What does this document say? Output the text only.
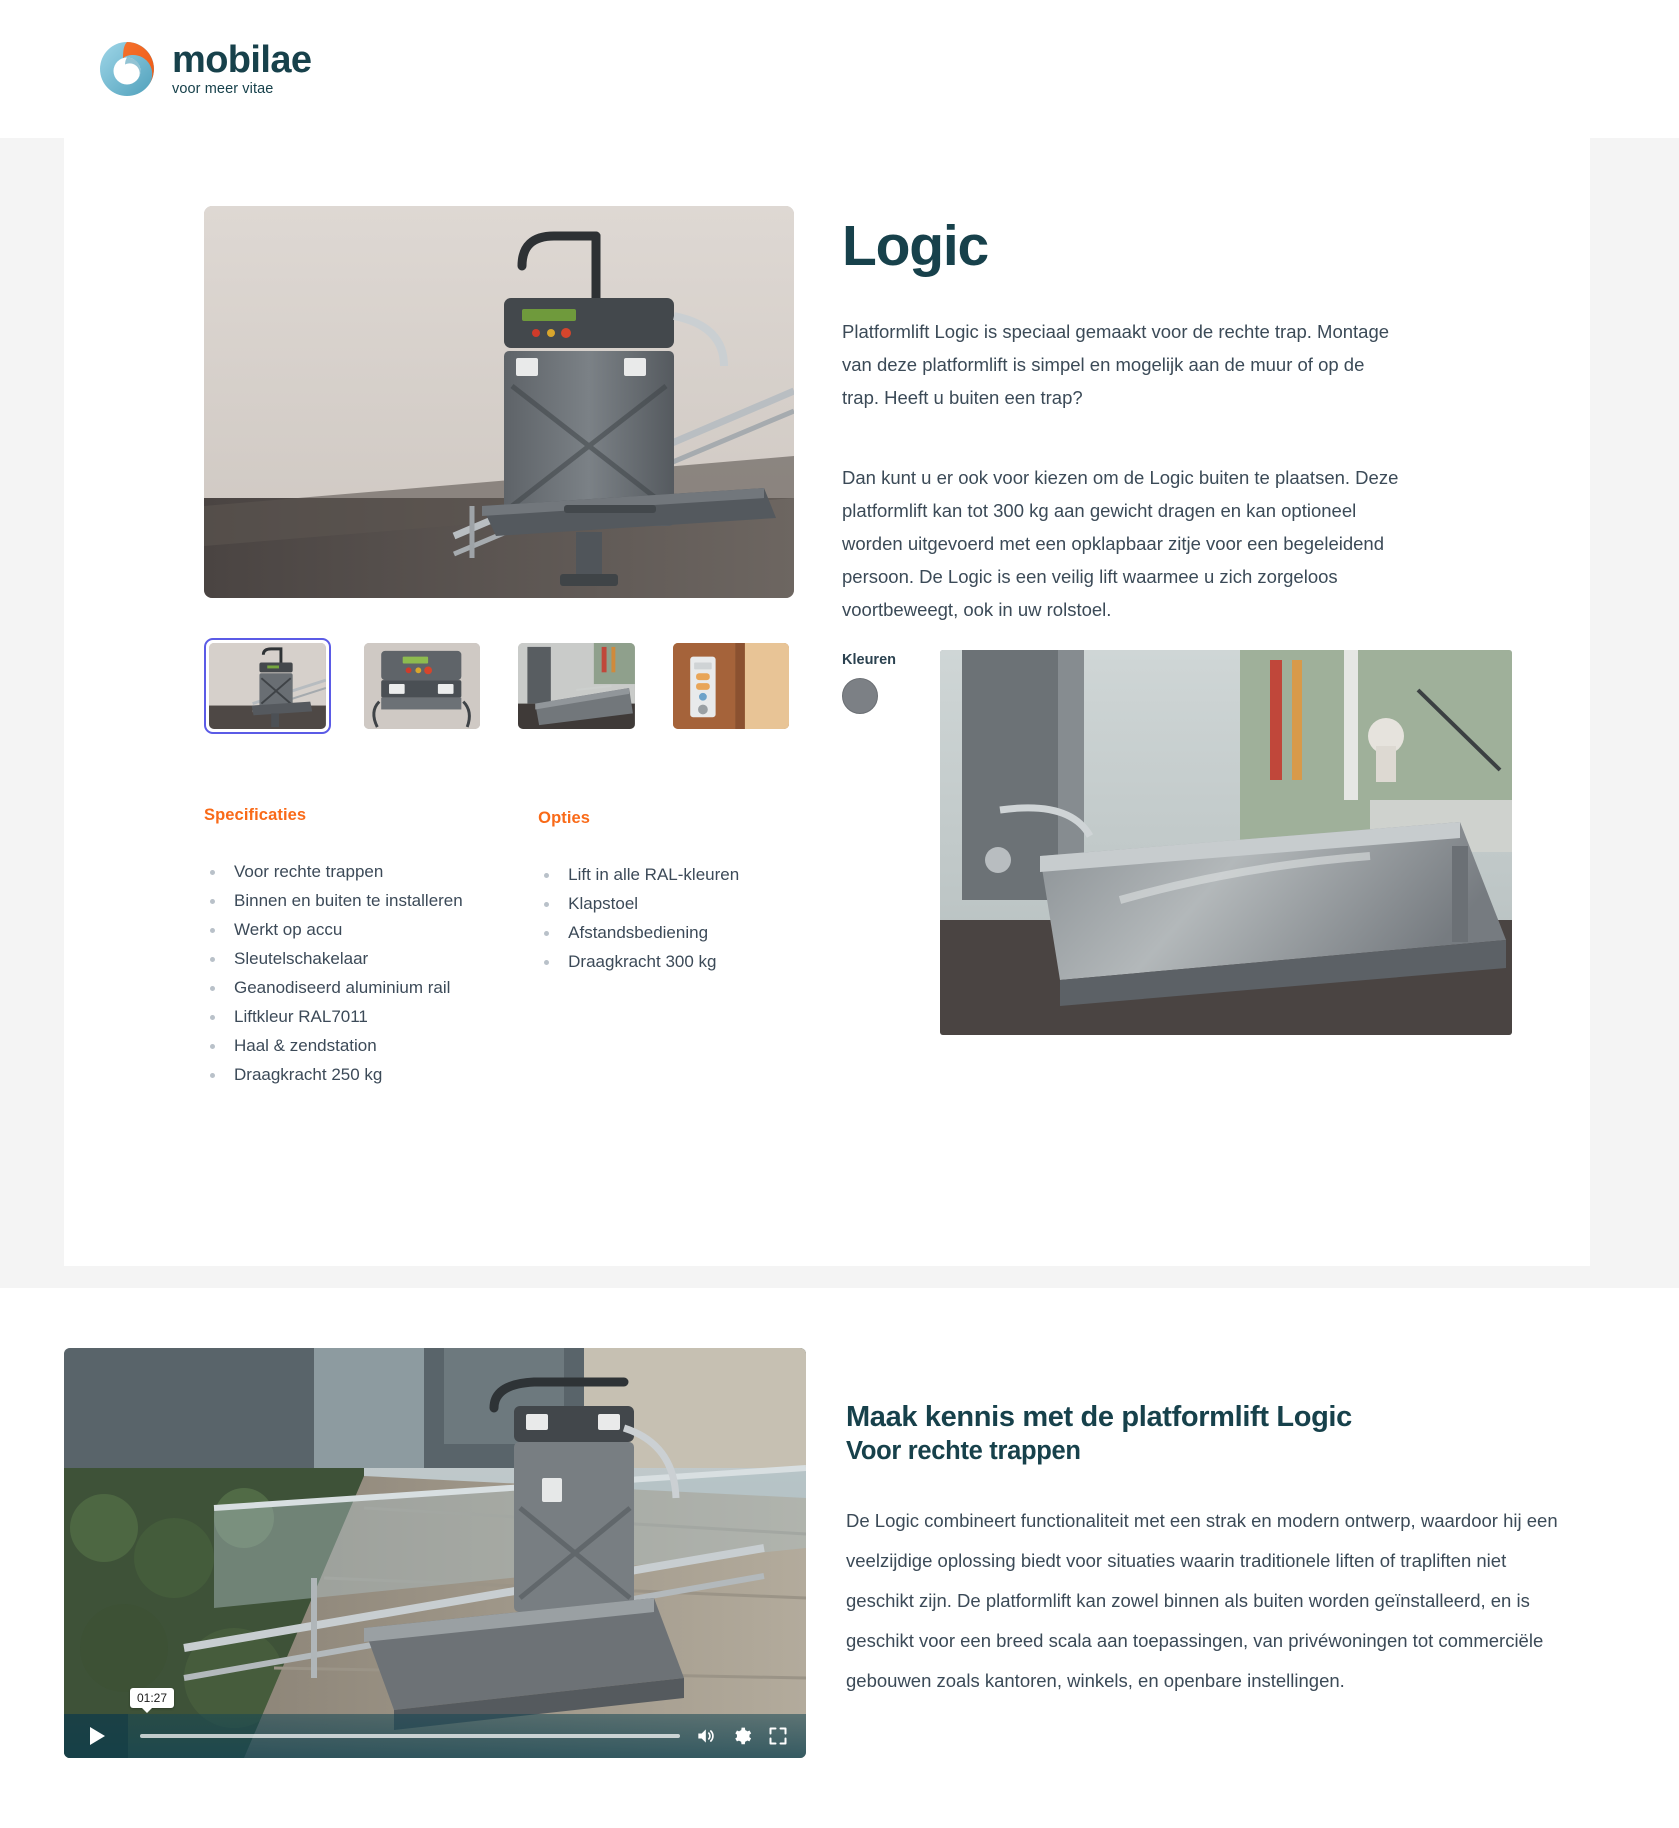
mobilae
voor meer vitae
Specificaties
Voor rechte trappen
Binnen en buiten te installeren
Werkt op accu
Sleutelschakelaar
Geanodiseerd aluminium rail
Liftkleur RAL7011
Haal & zendstation
Draagkracht 250 kg
Opties
Lift in alle RAL-kleuren
Klapstoel
Afstandsbediening
Draagkracht 300 kg
Logic

Platformlift Logic is speciaal gemaakt voor de rechte trap. Montage van deze platformlift is simpel en mogelijk aan de muur of op de trap. Heeft u buiten een trap?

Dan kunt u er ook voor kiezen om de Logic buiten te plaatsen. Deze platformlift kan tot 300 kg aan gewicht dragen en kan optioneel worden uitgevoerd met een opklapbaar zitje voor een begeleidend persoon. De Logic is een veilig lift waarmee u zich zorgeloos voortbeweegt, ook in uw rolstoel.

Kleuren
01:27
Maak kennis met de platformlift Logic
Voor rechte trappen

De Logic combineert functionaliteit met een strak en modern ontwerp, waardoor hij een veelzijdige oplossing biedt voor situaties waarin traditionele liften of trapliften niet geschikt zijn. De platformlift kan zowel binnen als buiten worden geïnstalleerd, en is geschikt voor een breed scala aan toepassingen, van privéwoningen tot commerciële gebouwen zoals kantoren, winkels, en openbare instellingen.
